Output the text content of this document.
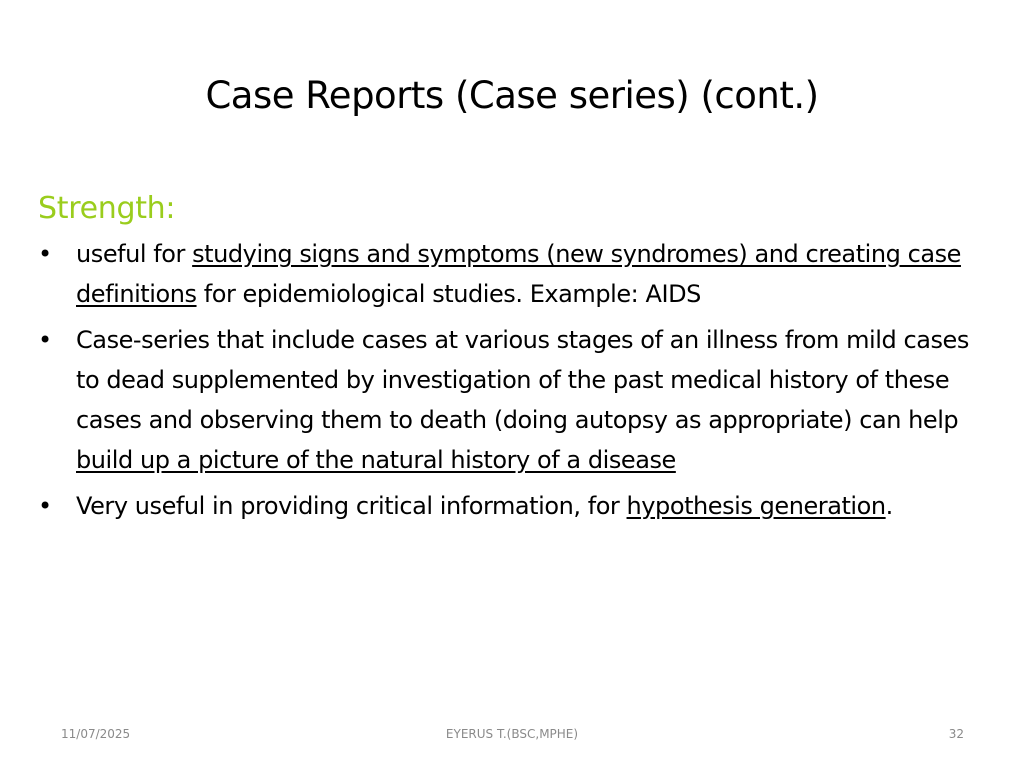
Case Reports (Case series) (cont.)
Strength:
• useful for studying signs and symptoms (new syndromes) and creating case definitions for epidemiological studies. Example: AIDS
• Case-series that include cases at various stages of an illness from mild cases to dead supplemented by investigation of the past medical history of these cases and observing them to death (doing autopsy as appropriate) can help build up a picture of the natural history of a disease
• Very useful in providing critical information, for hypothesis generation.
11/07/2025	EYERUS T.(BSC,MPHE)	32
